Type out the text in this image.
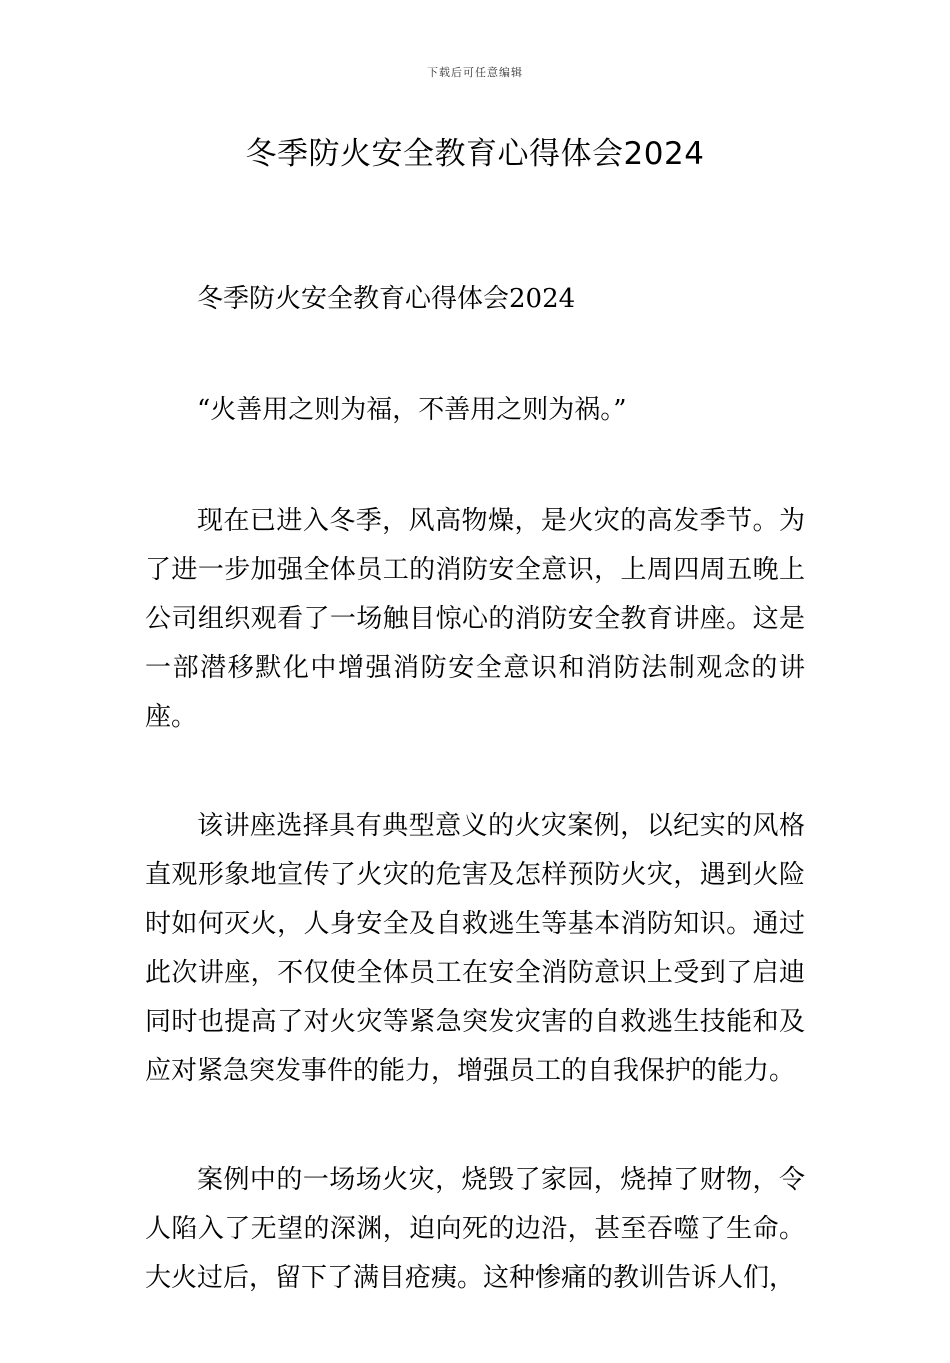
下载后可任意编辑
冬季防火安全教育心得体会2024

冬季防火安全教育心得体会2024

“火善用之则为福，不善用之则为祸。”

现在已进入冬季，风高物燥，是火灾的高发季节。为了进一步加强全体员工的消防安全意识，上周四周五晚上公司组织观看了一场触目惊心的消防安全教育讲座。这是一部潜移默化中增强消防安全意识和消防法制观念的讲座。

该讲座选择具有典型意义的火灾案例，以纪实的风格直观形象地宣传了火灾的危害及怎样预防火灾，遇到火险时如何灭火，人身安全及自救逃生等基本消防知识。通过此次讲座，不仅使全体员工在安全消防意识上受到了启迪同时也提高了对火灾等紧急突发灾害的自救逃生技能和及应对紧急突发事件的能力，增强员工的自我保护的能力。

案例中的一场场火灾，烧毁了家园，烧掉了财物，令人陷入了无望的深渊，迫向死的边沿，甚至吞噬了生命。大火过后，留下了满目疮痍。这种惨痛的教训告诉人们，
